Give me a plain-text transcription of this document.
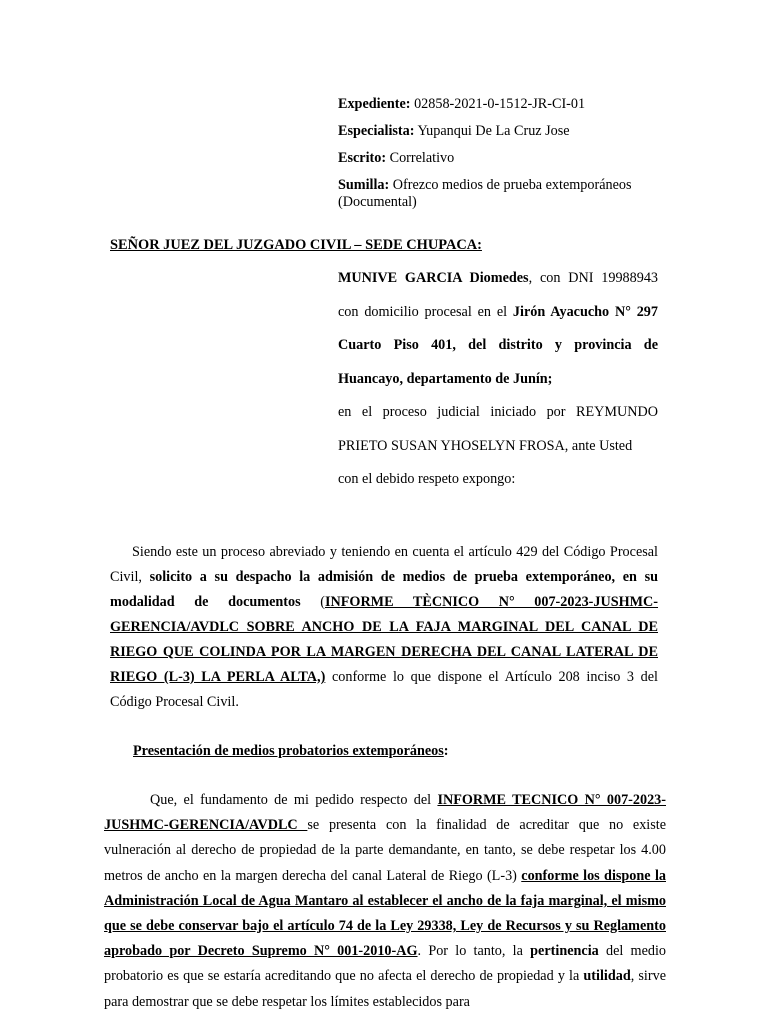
Expediente: 02858-2021-0-1512-JR-CI-01
Especialista: Yupanqui De La Cruz Jose
Escrito: Correlativo
Sumilla: Ofrezco medios de prueba extemporáneos (Documental)
SEÑOR JUEZ DEL JUZGADO CIVIL – SEDE CHUPACA:

MUNIVE GARCIA Diomedes, con DNI 19988943 con domicilio procesal en el Jirón Ayacucho N° 297 Cuarto Piso 401, del distrito y provincia de Huancayo, departamento de Junín;

en el proceso judicial iniciado por REYMUNDO PRIETO SUSAN YHOSELYN FROSA, ante Usted

con el debido respeto expongo:

Siendo este un proceso abreviado y teniendo en cuenta el artículo 429 del Código Procesal Civil, solicito a su despacho la admisión de medios de prueba extemporáneo, en su modalidad de documentos (INFORME TÈCNICO N° 007-2023-JUSHMC-GERENCIA/AVDLC SOBRE ANCHO DE LA FAJA MARGINAL DEL CANAL DE RIEGO QUE COLINDA POR LA MARGEN DERECHA DEL CANAL LATERAL DE RIEGO (L-3) LA PERLA ALTA,) conforme lo que dispone el Artículo 208 inciso 3 del Código Procesal Civil.

Presentación de medios probatorios extemporáneos:

Que, el fundamento de mi pedido respecto del INFORME TECNICO N° 007-2023-JUSHMC-GERENCIA/AVDLC se presenta con la finalidad de acreditar que no existe vulneración al derecho de propiedad de la parte demandante, en tanto, se debe respetar los 4.00 metros de ancho en la margen derecha del canal Lateral de Riego (L-3) conforme los dispone la Administración Local de Agua Mantaro al establecer el ancho de la faja marginal, el mismo que se debe conservar bajo el artículo 74 de la Ley 29338, Ley de Recursos y su Reglamento aprobado por Decreto Supremo N° 001-2010-AG. Por lo tanto, la pertinencia del medio probatorio es que se estaría acreditando que no afecta el derecho de propiedad y la utilidad, sirve para demostrar que se debe respetar los límites establecidos para
